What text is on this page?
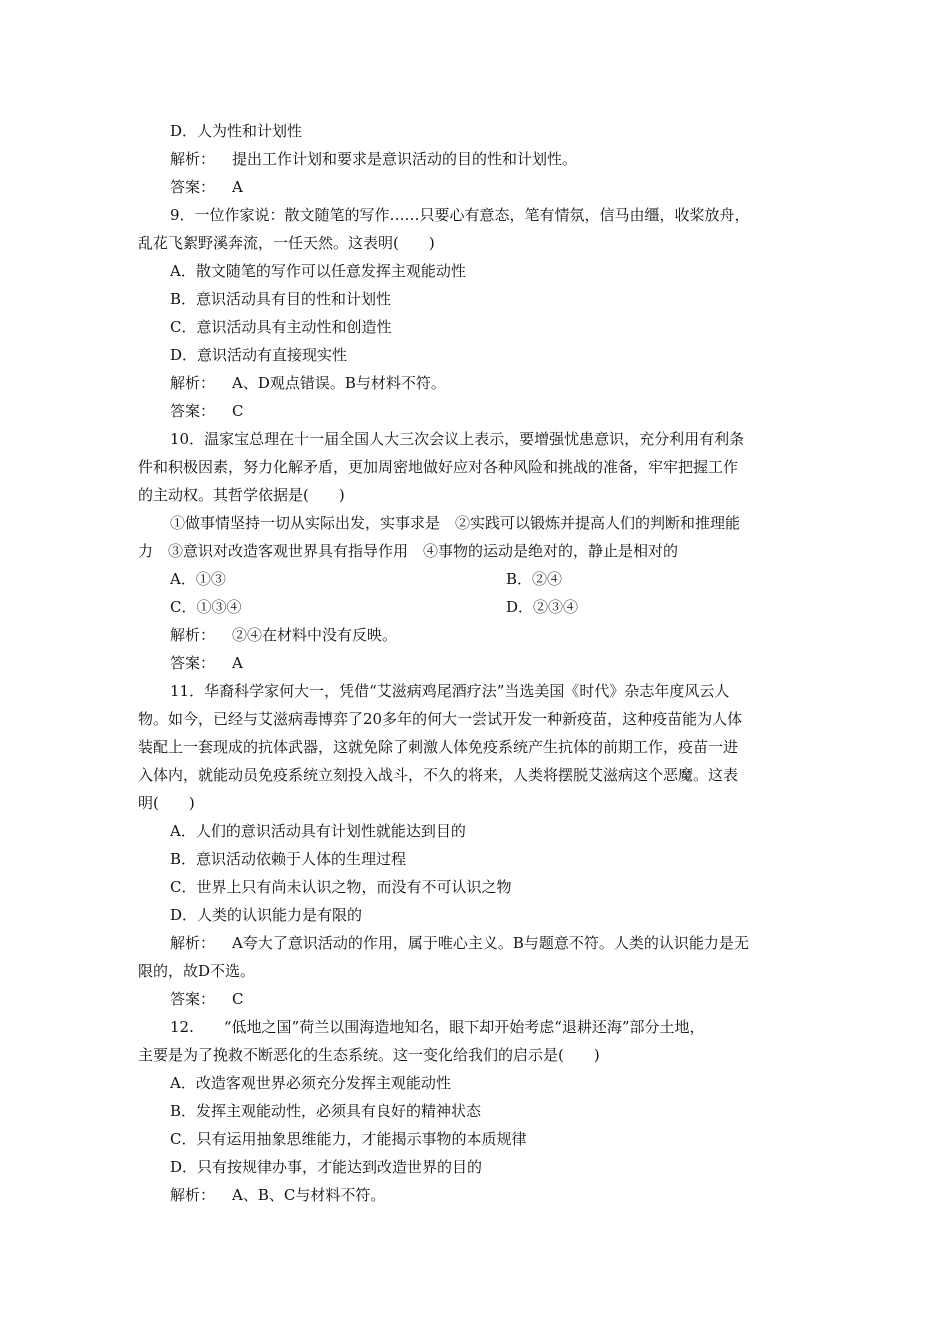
D．人为性和计划性
解析： 提出工作计划和要求是意识活动的目的性和计划性。
答案： A
9．一位作家说：散文随笔的写作……只要心有意态，笔有情氛，信马由缰，收桨放舟，
乱花飞絮野溪奔流，一任天然。这表明(　　)
A．散文随笔的写作可以任意发挥主观能动性
B．意识活动具有目的性和计划性
C．意识活动具有主动性和创造性
D．意识活动有直接现实性
解析： A、D观点错误。B与材料不符。
答案： C
10．温家宝总理在十一届全国人大三次会议上表示，要增强忧患意识，充分利用有利条
件和积极因素，努力化解矛盾，更加周密地做好应对各种风险和挑战的准备，牢牢把握工作
的主动权。其哲学依据是(　　)
①做事情坚持一切从实际出发，实事求是　②实践可以锻炼并提高人们的判断和推理能
力　③意识对改造客观世界具有指导作用　④事物的运动是绝对的，静止是相对的
A．①③	B．②④
C．①③④	D．②③④
解析： ②④在材料中没有反映。
答案： A
11．华裔科学家何大一，凭借“艾滋病鸡尾酒疗法”当选美国《时代》杂志年度风云人
物。如今，已经与艾滋病毒博弈了20多年的何大一尝试开发一种新疫苗，这种疫苗能为人体
装配上一套现成的抗体武器，这就免除了刺激人体免疫系统产生抗体的前期工作，疫苗一进
入体内，就能动员免疫系统立刻投入战斗，不久的将来，人类将摆脱艾滋病这个恶魔。这表
明(　　)
A．人们的意识活动具有计划性就能达到目的
B．意识活动依赖于人体的生理过程
C．世界上只有尚未认识之物，而没有不可认识之物
D．人类的认识能力是有限的
解析： A夸大了意识活动的作用，属于唯心主义。B与题意不符。人类的认识能力是无
限的，故D不选。
答案： C
12.　　“低地之国”荷兰以围海造地知名，眼下却开始考虑“退耕还海”部分土地，
主要是为了挽救不断恶化的生态系统。这一变化给我们的启示是(　　)
A．改造客观世界必须充分发挥主观能动性
B．发挥主观能动性，必须具有良好的精神状态
C．只有运用抽象思维能力，才能揭示事物的本质规律
D．只有按规律办事，才能达到改造世界的目的
解析： A、B、C与材料不符。
